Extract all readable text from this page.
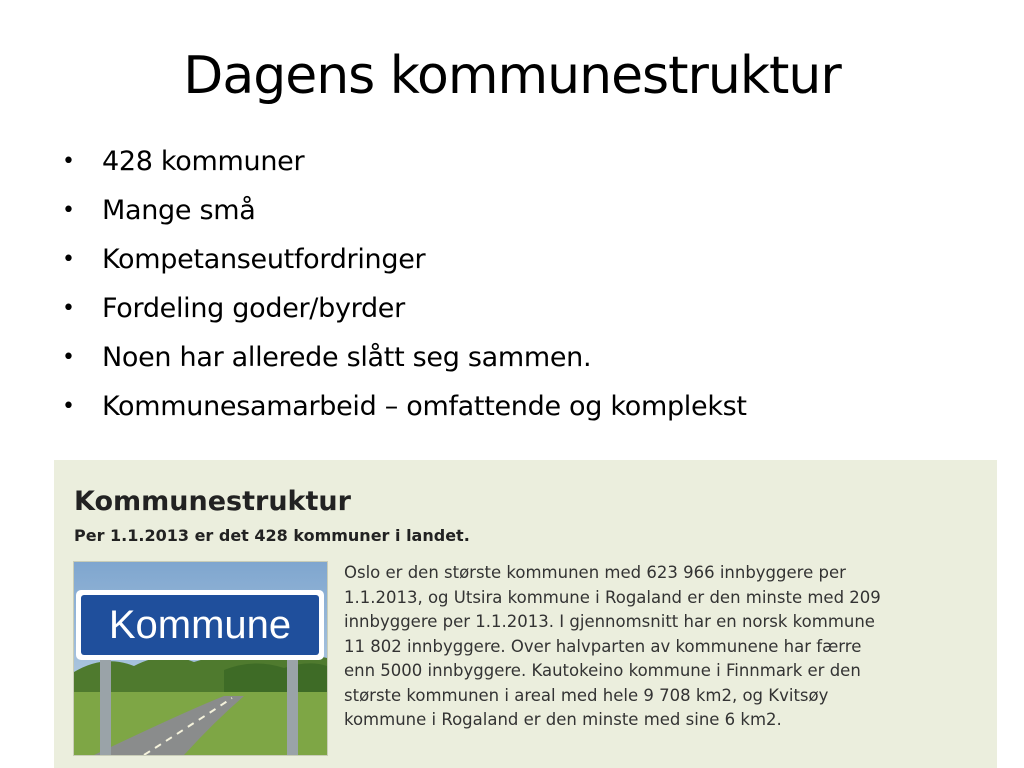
Dagens kommunestruktur
• 428 kommuner
• Mange små
• Kompetanseutfordringer
• Fordeling goder/byrder
• Noen har allerede slått seg sammen.
• Kommunesamarbeid – omfattende og komplekst
Kommunestruktur
Per 1.1.2013 er det 428 kommuner i landet.
Kommune
Oslo er den største kommunen med 623 966 innbyggere per
1.1.2013, og Utsira kommune i Rogaland er den minste med 209
innbyggere per 1.1.2013. I gjennomsnitt har en norsk kommune
11 802 innbyggere. Over halvparten av kommunene har færre
enn 5000 innbyggere. Kautokeino kommune i Finnmark er den
største kommunen i areal med hele 9 708 km2, og Kvitsøy
kommune i Rogaland er den minste med sine 6 km2.
